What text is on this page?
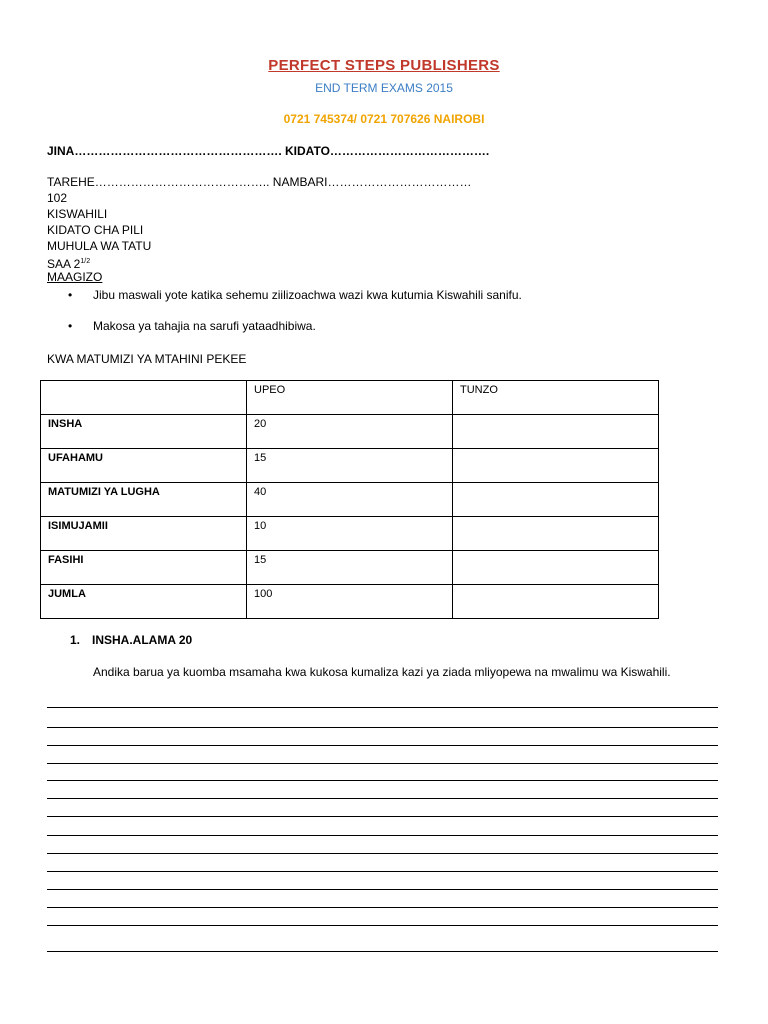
PERFECT STEPS PUBLISHERS
END TERM EXAMS 2015
0721 745374/ 0721 707626 NAIROBI
JINA……………………………………………. KIDATO………………………………….
TAREHE…………………………………….. NAMBARI………………………………
102
KISWAHILI
KIDATO CHA PILI
MUHULA WA TATU
SAA $2^{1/2}$
MAAGIZO
• Jibu maswali yote katika sehemu ziilizoachwa wazi kwa kutumia Kiswahili sanifu.
• Makosa ya tahajia na sarufi yataadhibiwa.
KWA MATUMIZI YA MTAHINI PEKEE
	UPEO	TUNZO
INSHA	20	
UFAHAMU	15	
MATUMIZI YA LUGHA	40	
ISIMUJAMII	10	
FASIHI	15	
JUMLA	100	
1. INSHA.ALAMA 20
Andika barua ya kuomba msamaha kwa kukosa kumaliza kazi ya ziada mliyopewa na mwalimu wa Kiswahili.
